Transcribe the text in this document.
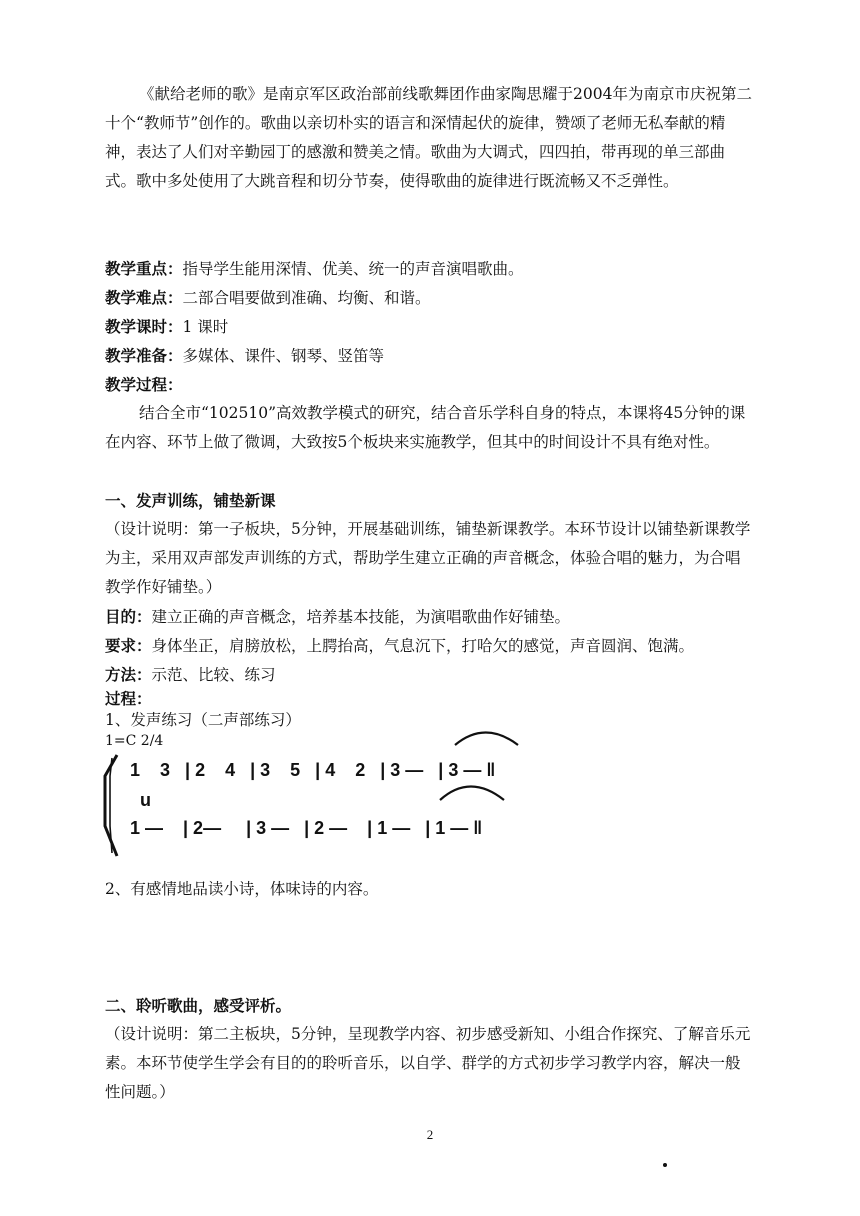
《献给老师的歌》是南京军区政治部前线歌舞团作曲家陶思耀于2004年为南京市庆祝第二十个“教师节”创作的。歌曲以亲切朴实的语言和深情起伏的旋律，赞颂了老师无私奉献的精神，表达了人们对辛勤园丁的感激和赞美之情。歌曲为大调式，四四拍，带再现的单三部曲式。歌中多处使用了大跳音程和切分节奏，使得歌曲的旋律进行既流畅又不乏弹性。

教学重点：指导学生能用深情、优美、统一的声音演唱歌曲。

教学难点：二部合唱要做到准确、均衡、和谐。

教学课时：1 课时

教学准备：多媒体、课件、钢琴、竖笛等

教学过程：

结合全市“102510”高效教学模式的研究，结合音乐学科自身的特点，本课将45分钟的课在内容、环节上做了微调，大致按5个板块来实施教学，但其中的时间设计不具有绝对性。

一、发声训练，铺垫新课

（设计说明：第一子板块，5分钟，开展基础训练，铺垫新课教学。本环节设计以铺垫新课教学为主，采用双声部发声训练的方式，帮助学生建立正确的声音概念，体验合唱的魅力，为合唱教学作好铺垫。）

目的：建立正确的声音概念，培养基本技能，为演唱歌曲作好铺垫。

要求：身体坐正，肩膀放松，上腭抬高，气息沉下，打哈欠的感觉，声音圆润、饱满。

方法：示范、比较、练习

过程：

1、发声练习（二声部练习）

1=C 2/4

1    3   | 2    4   | 3    5   | 4    2   | 3 —   | 3 — ‖
u
1 —    | 2—     | 3 —   | 2 —    | 1 —   | 1 — ‖

2、有感情地品读小诗，体味诗的内容。

二、聆听歌曲，感受评析。

（设计说明：第二主板块，5分钟，呈现教学内容、初步感受新知、小组合作探究、了解音乐元素。本环节使学生学会有目的的聆听音乐，以自学、群学的方式初步学习教学内容，解决一般性问题。）

2
